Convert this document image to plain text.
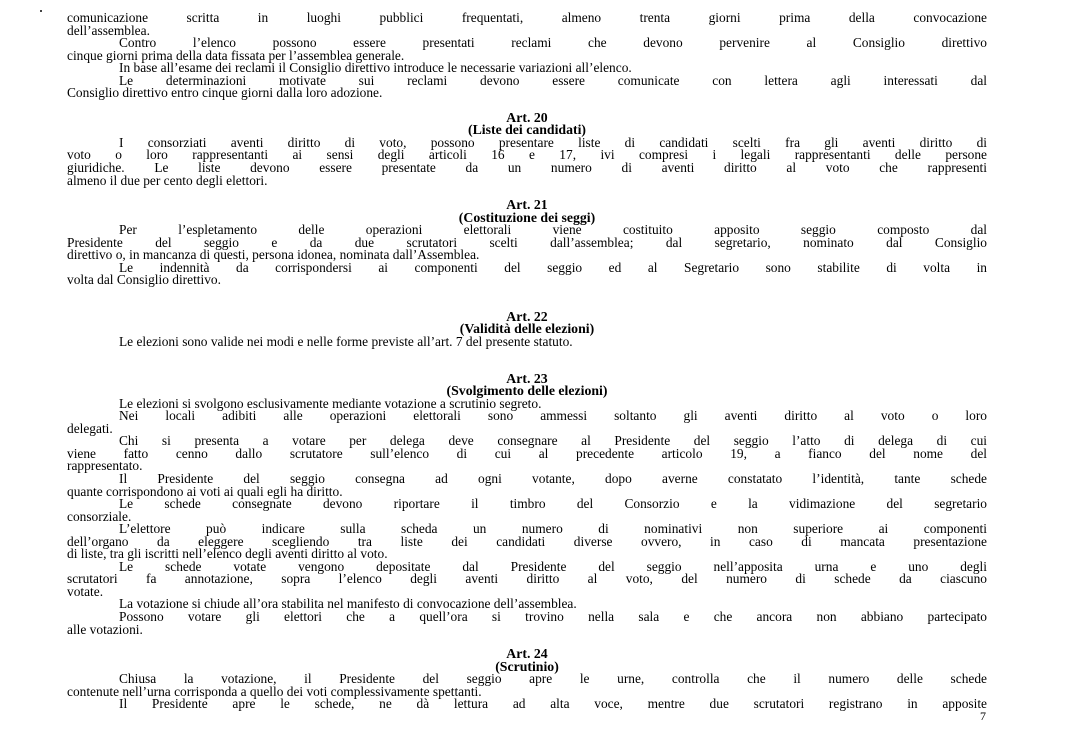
comunicazione scritta in luoghi pubblici frequentati, almeno trenta giorni prima della convocazione
dell’assemblea.
Contro l’elenco possono essere presentati reclami che devono pervenire al Consiglio direttivo
cinque giorni prima della data fissata per l’assemblea generale.
In base all’esame dei reclami il Consiglio direttivo introduce le necessarie variazioni all’elenco.
Le determinazioni motivate sui reclami devono essere comunicate con lettera agli interessati dal
Consiglio direttivo entro cinque giorni dalla loro adozione.
Art. 20
(Liste dei candidati)
I consorziati aventi diritto di voto, possono presentare liste di candidati scelti fra gli aventi diritto di
voto o loro rappresentanti ai sensi degli articoli 16 e 17, ivi compresi i legali rappresentanti delle persone
giuridiche. Le liste devono essere presentate da un numero di aventi diritto al voto che rappresenti
almeno il due per cento degli elettori.
Art. 21
(Costituzione dei seggi)
Per l’espletamento delle operazioni elettorali viene costituito apposito seggio composto dal
Presidente del seggio e da due scrutatori scelti dall’assemblea; dal segretario, nominato dal Consiglio
direttivo o, in mancanza di questi, persona idonea, nominata dall’Assemblea.
Le indennità da corrispondersi ai componenti del seggio ed al Segretario sono stabilite di volta in
volta dal Consiglio direttivo.
Art. 22
(Validità delle elezioni)
Le elezioni sono valide nei modi e nelle forme previste all’art. 7 del presente statuto.
Art. 23
(Svolgimento delle elezioni)
Le elezioni si svolgono esclusivamente mediante votazione a scrutinio segreto.
Nei locali adibiti alle operazioni elettorali sono ammessi soltanto gli aventi diritto al voto o loro
delegati.
Chi si presenta a votare per delega deve consegnare al Presidente del seggio l’atto di delega di cui
viene fatto cenno dallo scrutatore sull’elenco di cui al precedente articolo 19, a fianco del nome del
rappresentato.
Il Presidente del seggio consegna ad ogni votante, dopo averne constatato l’identità, tante schede
quante corrispondono ai voti ai quali egli ha diritto.
Le schede consegnate devono riportare il timbro del Consorzio e la vidimazione del segretario
consorziale.
L’elettore può indicare sulla scheda un numero di nominativi non superiore ai componenti
dell’organo da eleggere scegliendo tra liste dei candidati diverse ovvero, in caso di mancata presentazione
di liste, tra gli iscritti nell’elenco degli aventi diritto al voto.
Le schede votate vengono depositate dal Presidente del seggio nell’apposita urna e uno degli
scrutatori fa annotazione, sopra l’elenco degli aventi diritto al voto, del numero di schede da ciascuno
votate.
La votazione si chiude all’ora stabilita nel manifesto di convocazione dell’assemblea.
Possono votare gli elettori che a quell’ora si trovino nella sala e che ancora non abbiano partecipato
alle votazioni.
Art. 24
(Scrutinio)
Chiusa la votazione, il Presidente del seggio apre le urne, controlla che il numero delle schede
contenute nell’urna corrisponda a quello dei voti complessivamente spettanti.
Il Presidente apre le schede, ne dà lettura ad alta voce, mentre due scrutatori registrano in apposite
7
